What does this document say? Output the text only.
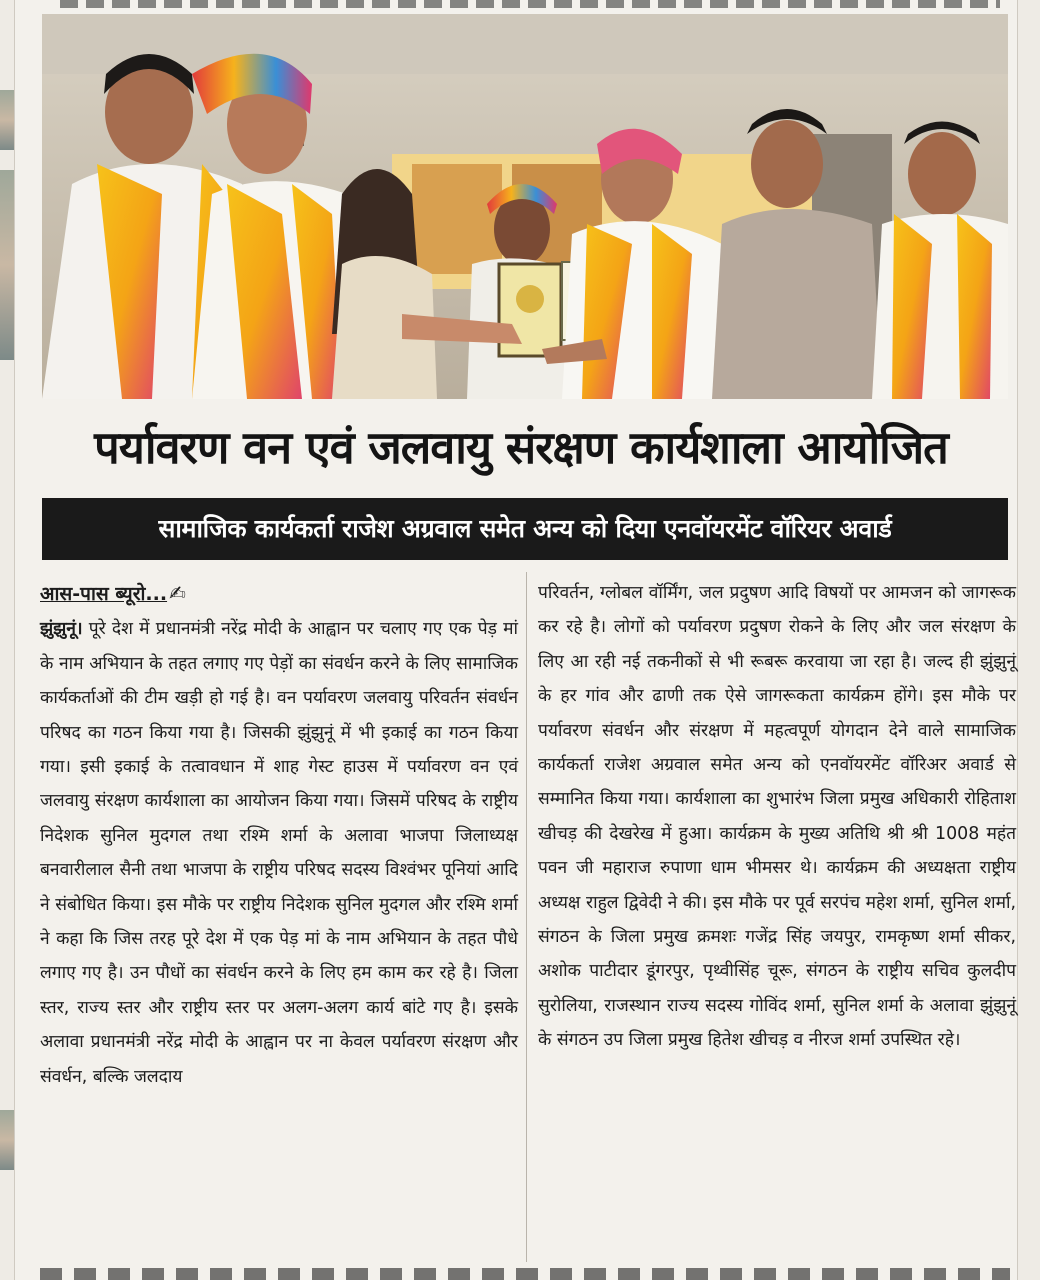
पर्यावरण वन एवं जलवायु संरक्षण कार्यशाला आयोजित
सामाजिक कार्यकर्ता राजेश अग्रवाल समेत अन्य को दिया एनवॉयरमेंट वॉरियर अवार्ड

आस-पास ब्यूरो... ✍
झुंझुनूं। पूरे देश में प्रधानमंत्री नरेंद्र मोदी के आह्वान पर चलाए गए एक पेड़ मां के नाम अभियान के तहत लगाए गए पेड़ों का संवर्धन करने के लिए सामाजिक कार्यकर्ताओं की टीम खड़ी हो गई है। वन पर्यावरण जलवायु परिवर्तन संवर्धन परिषद का गठन किया गया है। जिसकी झुंझुनूं में भी इकाई का गठन किया गया। इसी इकाई के तत्वावधान में शाह गेस्ट हाउस में पर्यावरण वन एवं जलवायु संरक्षण कार्यशाला का आयोजन किया गया। जिसमें परिषद के राष्ट्रीय निदेशक सुनिल मुदगल तथा रश्मि शर्मा के अलावा भाजपा जिलाध्यक्ष बनवारीलाल सैनी तथा भाजपा के राष्ट्रीय परिषद सदस्य विश्वंभर पूनियां आदि ने संबोधित किया। इस मौके पर राष्ट्रीय निदेशक सुनिल मुदगल और रश्मि शर्मा ने कहा कि जिस तरह पूरे देश में एक पेड़ मां के नाम अभियान के तहत पौधे लगाए गए है। उन पौधों का संवर्धन करने के लिए हम काम कर रहे है। जिला स्तर, राज्य स्तर और राष्ट्रीय स्तर पर अलग-अलग कार्य बांटे गए है। इसके अलावा प्रधानमंत्री नरेंद्र मोदी के आह्वान पर ना केवल पर्यावरण संरक्षण और संवर्धन, बल्कि जलदाय

परिवर्तन, ग्लोबल वॉर्मिंग, जल प्रदुषण आदि विषयों पर आमजन को जागरूक कर रहे है। लोगों को पर्यावरण प्रदुषण रोकने के लिए और जल संरक्षण के लिए आ रही नई तकनीकों से भी रूबरू करवाया जा रहा है। जल्द ही झुंझुनूं के हर गांव और ढाणी तक ऐसे जागरूकता कार्यक्रम होंगे। इस मौके पर पर्यावरण संवर्धन और संरक्षण में महत्वपूर्ण योगदान देने वाले सामाजिक कार्यकर्ता राजेश अग्रवाल समेत अन्य को एनवॉयरमेंट वॉरिअर अवार्ड से सम्मानित किया गया। कार्यशाला का शुभारंभ जिला प्रमुख अधिकारी रोहिताश खीचड़ की देखरेख में हुआ। कार्यक्रम के मुख्य अतिथि श्री श्री 1008 महंत पवन जी महाराज रुपाणा धाम भीमसर थे। कार्यक्रम की अध्यक्षता राष्ट्रीय अध्यक्ष राहुल द्विवेदी ने की। इस मौके पर पूर्व सरपंच महेश शर्मा, सुनिल शर्मा, संगठन के जिला प्रमुख क्रमशः गजेंद्र सिंह जयपुर, रामकृष्ण शर्मा सीकर, अशोक पाटीदार डूंगरपुर, पृथ्वीसिंह चूरू, संगठन के राष्ट्रीय सचिव कुलदीप सुरोलिया, राजस्थान राज्य सदस्य गोविंद शर्मा, सुनिल शर्मा के अलावा झुंझुनूं के संगठन उप जिला प्रमुख हितेश खीचड़ व नीरज शर्मा उपस्थित रहे।
